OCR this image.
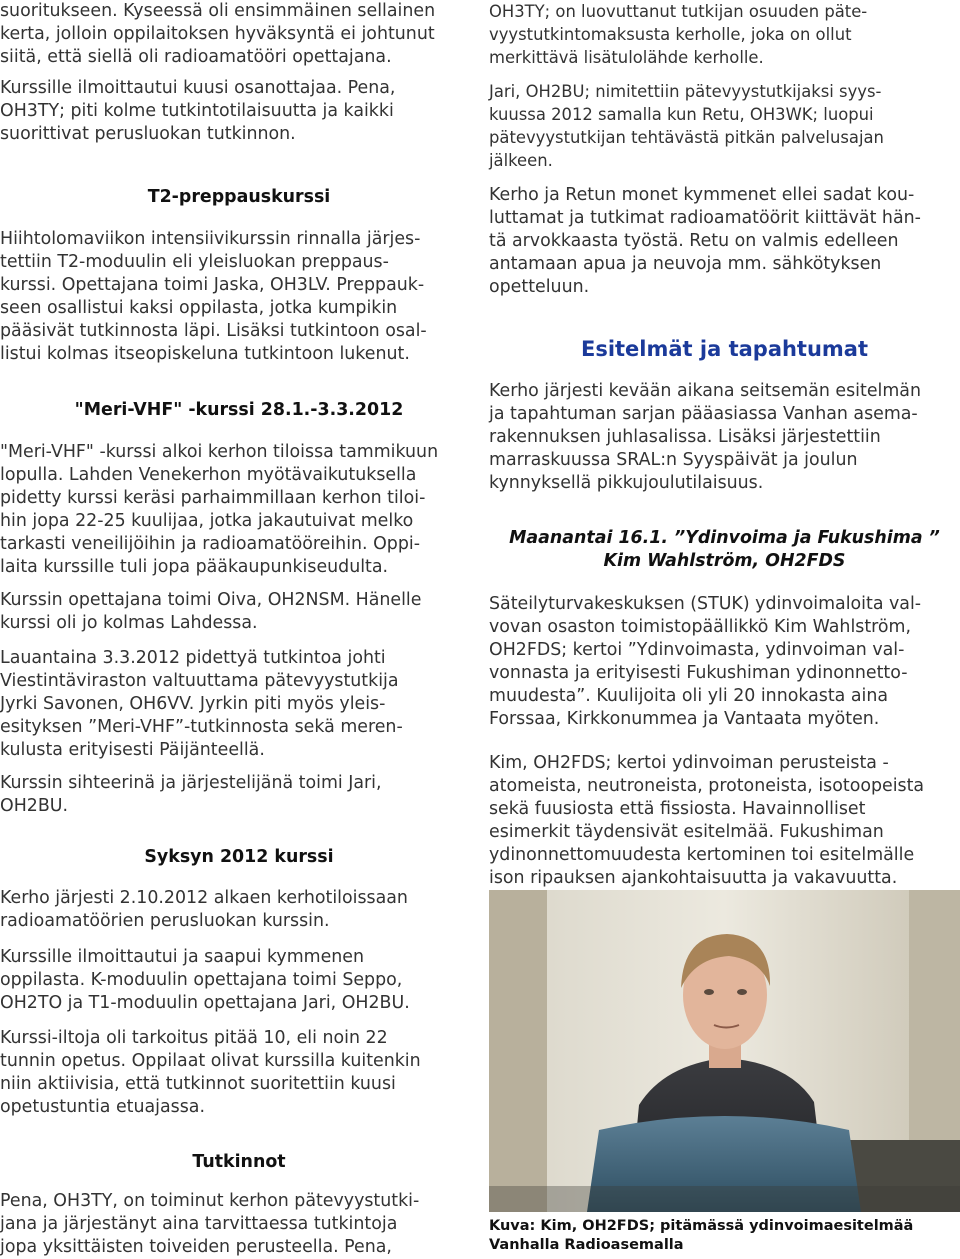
suoritukseen. Kyseessä oli ensimmäinen sellainen
kerta, jolloin oppilaitoksen hyväksyntä ei johtunut
siitä, että siellä oli radioamatööri opettajana.

Kurssille ilmoittautui kuusi osanottajaa. Pena,
OH3TY; piti kolme tutkintotilaisuutta ja kaikki
suorittivat perusluokan tutkinnon.

T2-preppauskurssi

Hiihtolomaviikon intensiivikurssin rinnalla järjes-
tettiin T2-moduulin eli yleisluokan preppaus-
kurssi. Opettajana toimi Jaska, OH3LV. Preppauk-
seen osallistui kaksi oppilasta, jotka kumpikin
pääsivät tutkinnosta läpi. Lisäksi tutkintoon osal-
listui kolmas itseopiskeluna tutkintoon lukenut.

"Meri-VHF" -kurssi 28.1.-3.3.2012

"Meri-VHF" -kurssi alkoi kerhon tiloissa tammikuun
lopulla. Lahden Venekerhon myötävaikutuksella
pidetty kurssi keräsi parhaimmillaan kerhon tiloi-
hin jopa 22-25 kuulijaa, jotka jakautuivat melko
tarkasti veneilijöihin ja radioamatööreihin. Oppi-
laita kurssille tuli jopa pääkaupunkiseudulta.

Kurssin opettajana toimi Oiva, OH2NSM. Hänelle
kurssi oli jo kolmas Lahdessa.

Lauantaina 3.3.2012 pidettyä tutkintoa johti
Viestintäviraston valtuuttama pätevyystutkija
Jyrki Savonen, OH6VV. Jyrkin piti myös yleis-
esityksen ”Meri-VHF”-tutkinnosta sekä meren-
kulusta erityisesti Päijänteellä.

Kurssin sihteerinä ja järjestelijänä toimi Jari,
OH2BU.

Syksyn 2012 kurssi

Kerho järjesti 2.10.2012 alkaen kerhotiloissaan
radioamatöörien perusluokan kurssin.

Kurssille ilmoittautui ja saapui kymmenen
oppilasta. K-moduulin opettajana toimi Seppo,
OH2TO ja T1-moduulin opettajana Jari, OH2BU.

Kurssi-iltoja oli tarkoitus pitää 10, eli noin 22
tunnin opetus. Oppilaat olivat kurssilla kuitenkin
niin aktiivisia, että tutkinnot suoritettiin kuusi
opetustuntia etuajassa.

Tutkinnot

Pena, OH3TY, on toiminut kerhon pätevyystutki-
jana ja järjestänyt aina tarvittaessa tutkintoja
jopa yksittäisten toiveiden perusteella. Pena,

OH3TY; on luovuttanut tutkijan osuuden päte-
vyystutkintomaksusta kerholle, joka on ollut
merkittävä lisätulolähde kerholle.

Jari, OH2BU; nimitettiin pätevyystutkijaksi syys-
kuussa 2012 samalla kun Retu, OH3WK; luopui
pätevyystutkijan tehtävästä pitkän palvelusajan
jälkeen.

Kerho ja Retun monet kymmenet ellei sadat kou-
luttamat ja tutkimat radioamatöörit kiittävät hän-
tä arvokkaasta työstä. Retu on valmis edelleen
antamaan apua ja neuvoja mm. sähkötyksen
opetteluun.

Esitelmät ja tapahtumat

Kerho järjesti kevään aikana seitsemän esitelmän
ja tapahtuman sarjan pääasiassa Vanhan asema-
rakennuksen juhlasalissa. Lisäksi järjestettiin
marraskuussa SRAL:n Syyspäivät ja joulun
kynnyksellä pikkujoulutilaisuus.

Maanantai 16.1. ”Ydinvoima ja Fukushima ”
Kim Wahlström, OH2FDS

Säteilyturvakeskuksen (STUK) ydinvoimaloita val-
vovan osaston toimistopäällikkö Kim Wahlström,
OH2FDS; kertoi ”Ydinvoimasta, ydinvoiman val-
vonnasta ja erityisesti Fukushiman ydinonnetto-
muudesta”. Kuulijoita oli yli 20 innokasta aina
Forssaa, Kirkkonummea ja Vantaata myöten.

Kim, OH2FDS; kertoi ydinvoiman perusteista -
atomeista, neutroneista, protoneista, isotoopeista
sekä fuusiosta että fissiosta. Havainnolliset
esimerkit täydensivät esitelmää. Fukushiman
ydinonnettomuudesta kertominen toi esitelmälle
ison ripauksen ajankohtaisuutta ja vakavuutta.

Kuva: Kim, OH2FDS; pitämässä ydinvoimaesitelmää
Vanhalla Radioasemalla
